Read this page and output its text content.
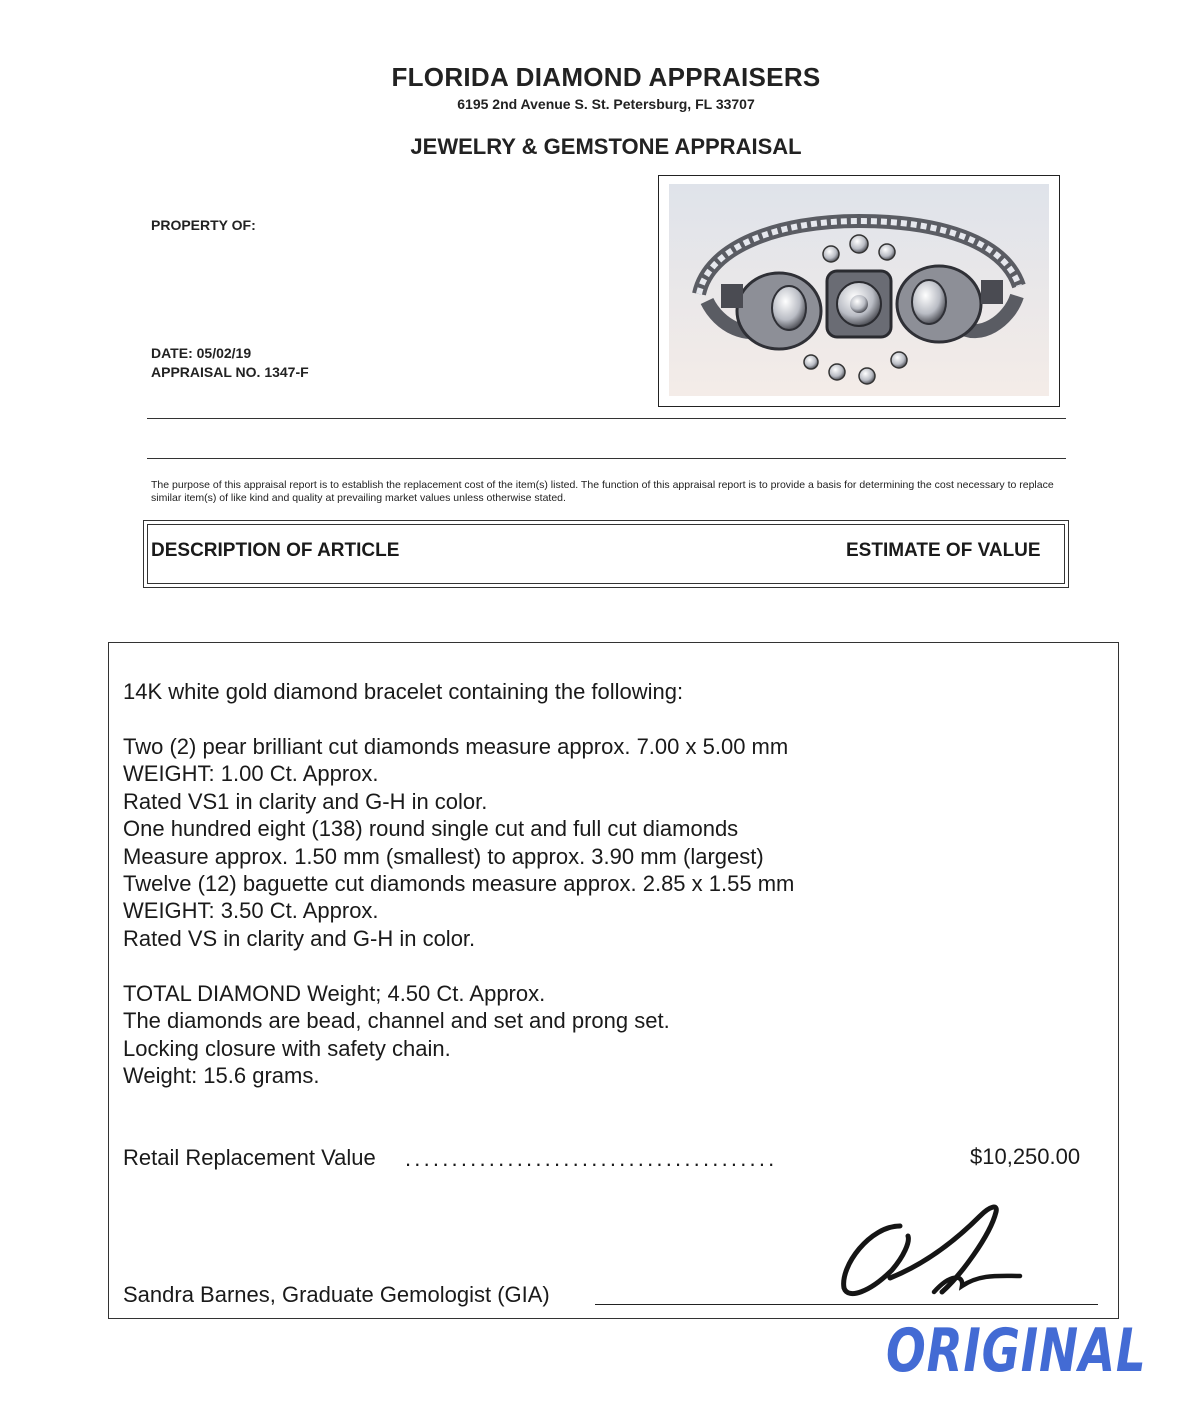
FLORIDA DIAMOND APPRAISERS
6195 2nd Avenue S. St. Petersburg, FL 33707
JEWELRY & GEMSTONE APPRAISAL
PROPERTY OF:
DATE: 05/02/19
APPRAISAL NO. 1347-F
The purpose of this appraisal report is to establish the replacement cost of the item(s) listed. The function of this appraisal report is to provide a basis for determining the cost necessary to replace similar item(s) of like kind and quality at prevailing market values unless otherwise stated.
DESCRIPTION OF ARTICLE	ESTIMATE OF VALUE
14K white gold diamond bracelet containing the following:
Two (2) pear brilliant cut diamonds measure approx. 7.00 x 5.00 mm
WEIGHT: 1.00 Ct. Approx.
Rated VS1 in clarity and G-H in color.
One hundred eight (138) round single cut and full cut diamonds
Measure approx. 1.50 mm (smallest) to approx. 3.90 mm (largest)
Twelve (12) baguette cut diamonds measure approx. 2.85 x 1.55 mm
WEIGHT: 3.50 Ct. Approx.
Rated VS in clarity and G-H in color.
TOTAL DIAMOND Weight; 4.50 Ct. Approx.
The diamonds are bead, channel and set and prong set.
Locking closure with safety chain.
Weight: 15.6 grams.
Retail Replacement Value ........................................	$10,250.00
Sandra Barnes, Graduate Gemologist (GIA)
ORIGINAL
